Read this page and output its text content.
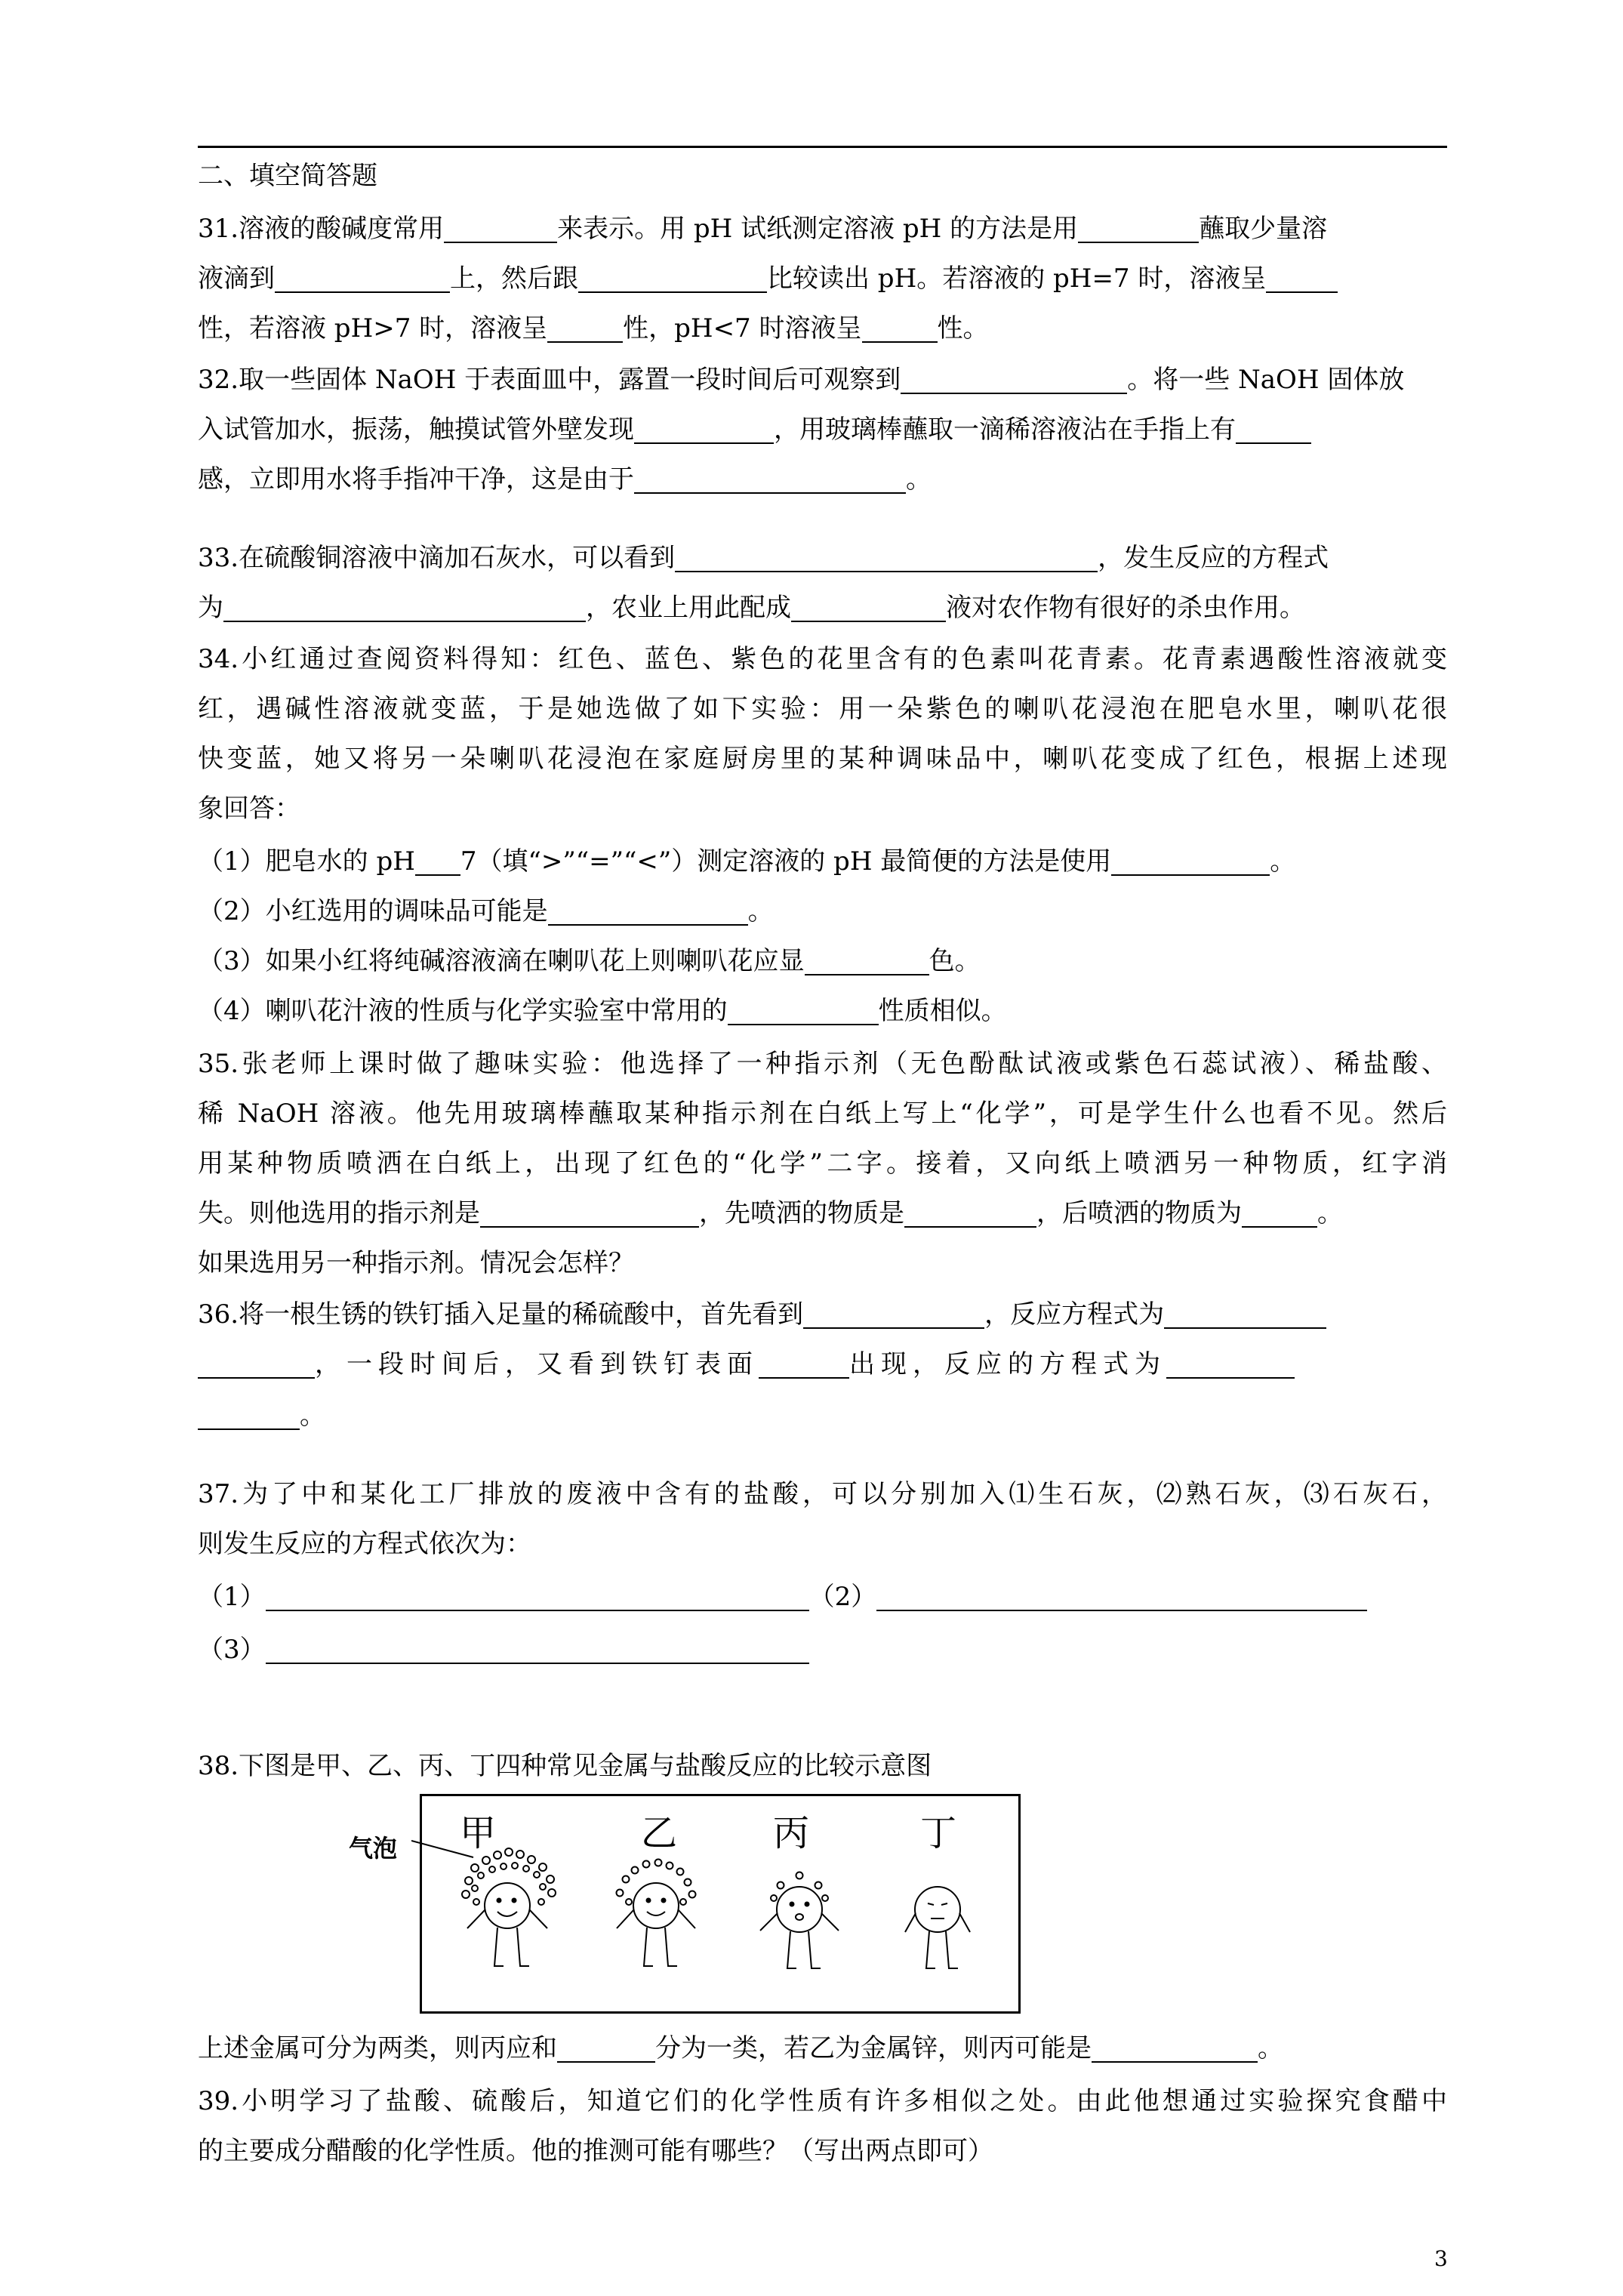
二、填空简答题
31.溶液的酸碱度常用	来表示。用 pH 试纸测定溶液 pH 的方法是用	蘸取少量溶
液滴到	上，然后跟	比较读出 pH。若溶液的 pH=7 时，溶液呈
性，若溶液 pH>7 时，溶液呈	性，pH<7 时溶液呈	性。
32.取一些固体 NaOH 于表面皿中，露置一段时间后可观察到	。将一些 NaOH 固体放
入试管加水，振荡，触摸试管外壁发现	，用玻璃棒蘸取一滴稀溶液沾在手指上有
感，立即用水将手指冲干净，这是由于	。
33.在硫酸铜溶液中滴加石灰水，可以看到	，发生反应的方程式
为	，农业上用此配成	液对农作物有很好的杀虫作用。
34.小红通过查阅资料得知：红色、蓝色、紫色的花里含有的色素叫花青素。花青素遇酸性溶液就变
红，遇碱性溶液就变蓝，于是她选做了如下实验：用一朵紫色的喇叭花浸泡在肥皂水里，喇叭花很
快变蓝，她又将另一朵喇叭花浸泡在家庭厨房里的某种调味品中，喇叭花变成了红色，根据上述现
象回答：
（1）肥皂水的 pH 7（填“>”“=”“<”）测定溶液的 pH 最简便的方法是使用	。
（2）小红选用的调味品可能是	。
（3）如果小红将纯碱溶液滴在喇叭花上则喇叭花应显	色。
（4）喇叭花汁液的性质与化学实验室中常用的	性质相似。
35.张老师上课时做了趣味实验：他选择了一种指示剂（无色酚酞试液或紫色石蕊试液）、稀盐酸、
稀 NaOH 溶液。他先用玻璃棒蘸取某种指示剂在白纸上写上“化学”，可是学生什么也看不见。然后
用某种物质喷洒在白纸上，出现了红色的“化学”二字。接着，又向纸上喷洒另一种物质，红字消
失。则他选用的指示剂是	，先喷洒的物质是	，后喷洒的物质为	。
如果选用另一种指示剂。情况会怎样？
36.将一根生锈的铁钉插入足量的稀硫酸中，首先看到	，反应方程式为
，一段时间后，又看到铁钉表面	出现，反应的方程式为
。
37.为了中和某化工厂排放的废液中含有的盐酸，可以分别加入⑴生石灰，⑵熟石灰，⑶石灰石，
则发生反应的方程式依次为：
（1）	（2）
（3）
38.下图是甲、乙、丙、丁四种常见金属与盐酸反应的比较示意图
气泡 甲	乙	丙	丁
上述金属可分为两类，则丙应和	分为一类，若乙为金属锌，则丙可能是	。
39.小明学习了盐酸、硫酸后，知道它们的化学性质有许多相似之处。由此他想通过实验探究食醋中
的主要成分醋酸的化学性质。他的推测可能有哪些？（写出两点即可）
3
